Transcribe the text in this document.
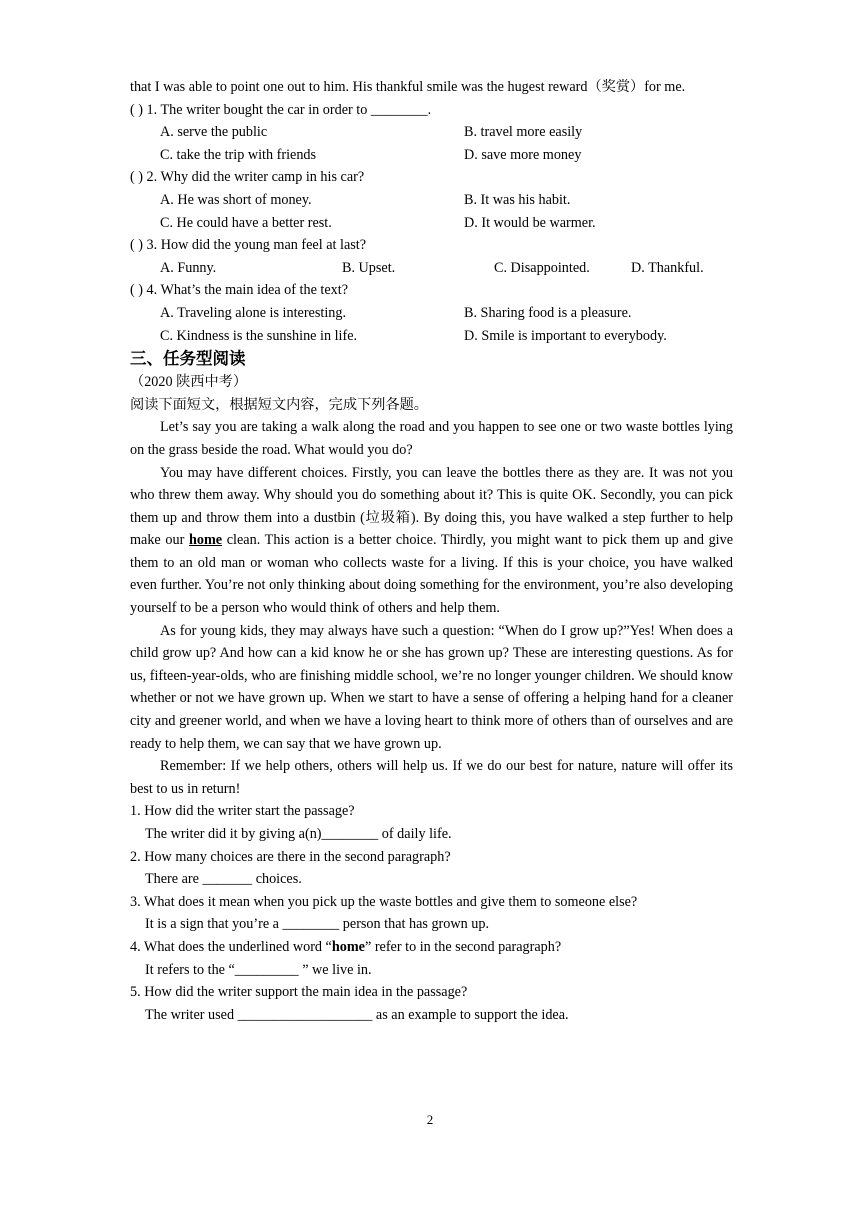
that I was able to point one out to him. His thankful smile was the hugest reward（奖赏）for me.
( ) 1. The writer bought the car in order to ________.
A. serve the public	B. travel more easily
C. take the trip with friends	D. save more money
( ) 2. Why did the writer camp in his car?
A. He was short of money.	B. It was his habit.
C. He could have a better rest.	D. It would be warmer.
( ) 3. How did the young man feel at last?
A. Funny.	B. Upset.	C. Disappointed.	D. Thankful.
( ) 4. What’s the main idea of the text?
A. Traveling alone is interesting.	B. Sharing food is a pleasure.
C. Kindness is the sunshine in life.	D. Smile is important to everybody.
三、任务型阅读
（2020 陕西中考）
阅读下面短文，根据短文内容，完成下列各题。
Let’s say you are taking a walk along the road and you happen to see one or two waste bottles lying on the grass beside the road. What would you do?
You may have different choices. Firstly, you can leave the bottles there as they are. It was not you who threw them away. Why should you do something about it? This is quite OK. Secondly, you can pick them up and throw them into a dustbin (垃圾箱). By doing this, you have walked a step further to help make our home clean. This action is a better choice. Thirdly, you might want to pick them up and give them to an old man or woman who collects waste for a living. If this is your choice, you have walked even further. You’re not only thinking about doing something for the environment, you’re also developing yourself to be a person who would think of others and help them.
As for young kids, they may always have such a question: “When do I grow up?”Yes! When does a child grow up? And how can a kid know he or she has grown up? These are interesting questions. As for us, fifteen-year-olds, who are finishing middle school, we’re no longer younger children. We should know whether or not we have grown up. When we start to have a sense of offering a helping hand for a cleaner city and greener world, and when we have a loving heart to think more of others than of ourselves and are ready to help them, we can say that we have grown up.
Remember: If we help others, others will help us. If we do our best for nature, nature will offer its best to us in return!
1. How did the writer start the passage?
The writer did it by giving a(n)________ of daily life.
2. How many choices are there in the second paragraph?
There are _______ choices.
3. What does it mean when you pick up the waste bottles and give them to someone else?
It is a sign that you’re a ________ person that has grown up.
4. What does the underlined word “home” refer to in the second paragraph?
It refers to the “_________ ” we live in.
5. How did the writer support the main idea in the passage?
The writer used ___________________ as an example to support the idea.
2
